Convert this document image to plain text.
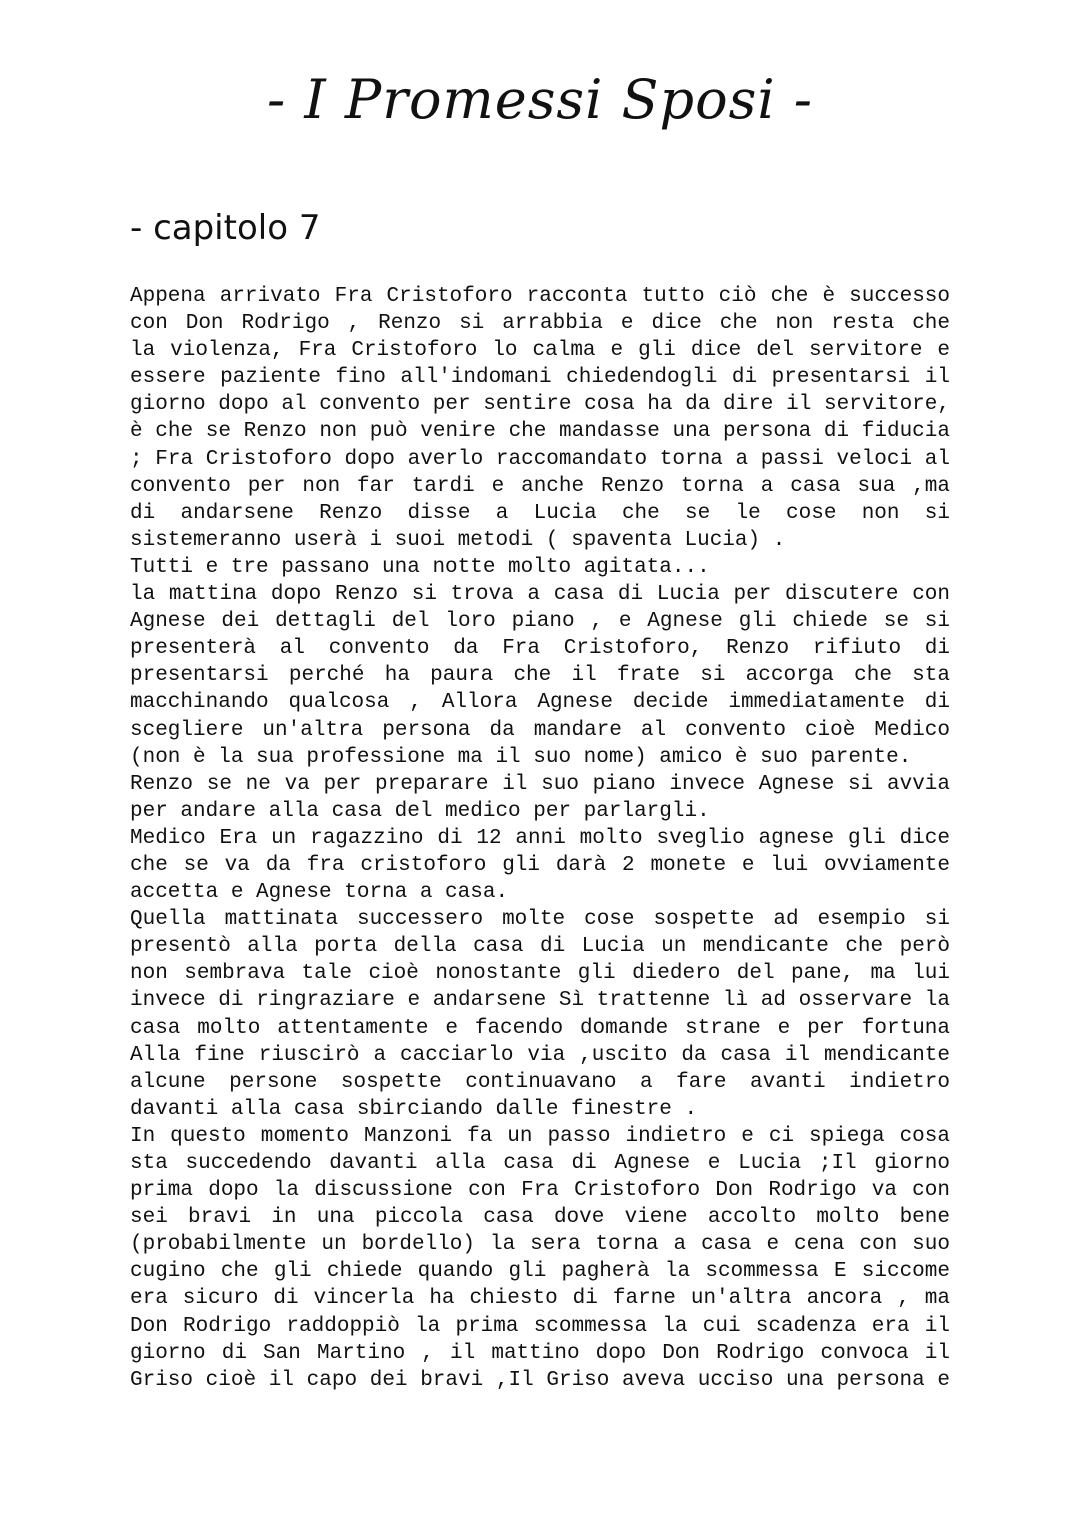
- I Promessi Sposi -
- capitolo 7
Appena arrivato Fra Cristoforo racconta tutto ciò che è successo
con Don Rodrigo , Renzo si arrabbia e dice che non resta che
la violenza, Fra Cristoforo lo calma e gli dice del servitore e
essere paziente fino all'indomani chiedendogli di presentarsi il
giorno dopo al convento per sentire cosa ha da dire il servitore,
è che se Renzo non può venire che mandasse una persona di fiducia
; Fra Cristoforo dopo averlo raccomandato torna a passi veloci al
convento per non far tardi e anche Renzo torna a casa sua ,ma
di andarsene Renzo disse a Lucia che se le cose non si
sistemeranno userà i suoi metodi ( spaventa Lucia) .
Tutti e tre passano una notte molto agitata...
la mattina dopo Renzo si trova a casa di Lucia per discutere con
Agnese dei dettagli del loro piano , e Agnese gli chiede se si
presenterà al convento da Fra Cristoforo, Renzo rifiuto di
presentarsi perché ha paura che il frate si accorga che sta
macchinando qualcosa , Allora Agnese decide immediatamente di
scegliere un'altra persona da mandare al convento cioè Medico
(non è la sua professione ma il suo nome) amico è suo parente.
Renzo se ne va per preparare il suo piano invece Agnese si avvia
per andare alla casa del medico per parlargli.
Medico Era un ragazzino di 12 anni molto sveglio agnese gli dice
che se va da fra cristoforo gli darà 2 monete e lui ovviamente
accetta e Agnese torna a casa.
Quella mattinata successero molte cose sospette ad esempio si
presentò alla porta della casa di Lucia un mendicante che però
non sembrava tale cioè nonostante gli diedero del pane, ma lui
invece di ringraziare e andarsene Sì trattenne lì ad osservare la
casa molto attentamente e facendo domande strane e per fortuna
Alla fine riuscirò a cacciarlo via ,uscito da casa il mendicante
alcune persone sospette continuavano a fare avanti indietro
davanti alla casa sbirciando dalle finestre .
In questo momento Manzoni fa un passo indietro e ci spiega cosa
sta succedendo davanti alla casa di Agnese e Lucia ;Il giorno
prima dopo la discussione con Fra Cristoforo Don Rodrigo va con
sei bravi in una piccola casa dove viene accolto molto bene
(probabilmente un bordello) la sera torna a casa e cena con suo
cugino che gli chiede quando gli pagherà la scommessa E siccome
era sicuro di vincerla ha chiesto di farne un'altra ancora , ma
Don Rodrigo raddoppiò la prima scommessa la cui scadenza era il
giorno di San Martino , il mattino dopo Don Rodrigo convoca il
Griso cioè il capo dei bravi ,Il Griso aveva ucciso una persona e
